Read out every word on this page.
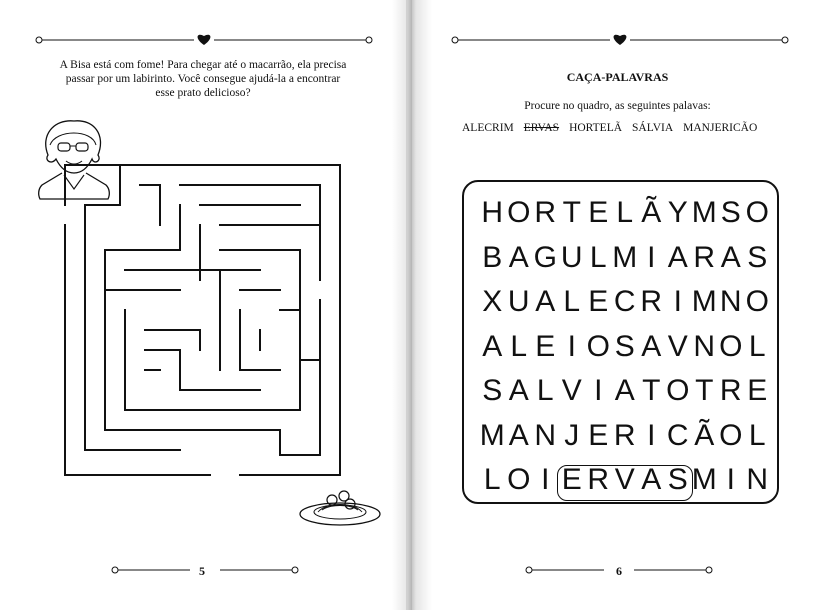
A Bisa está com fome! Para chegar até o macarrão, ela precisa passar por um labirinto. Você consegue ajudá-la a encontrar esse prato delicioso?
5
CAÇA-PALAVRAS
Procure no quadro, as seguintes palavas:
ALECRIM ERVAS HORTELÃ SÁLVIA MANJERICÃO
H O R T E L Ã Y M S O
B A G U L M I A R A S
X U A L E C R I M N O
A L E I O S A V N O L
S A L V I A T O T R E
M A N J E R I C Ã O L
L O I E R V A S M I N
6
